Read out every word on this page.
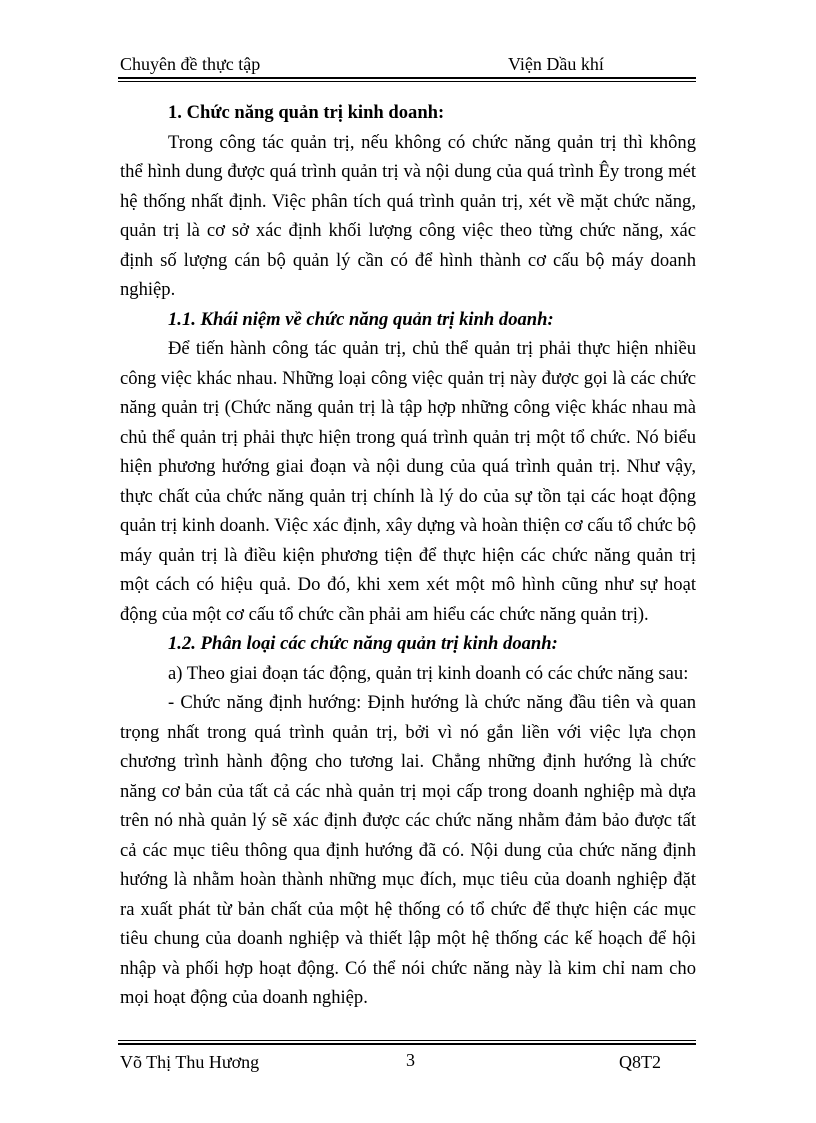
Chuyên đề thực tập	Viện Dầu khí

1. Chức năng quản trị kinh doanh:

Trong công tác quản trị, nếu không có chức năng quản trị thì không thể hình dung được quá trình quản trị và nội dung của quá trình Êy trong mét hệ thống nhất định. Việc phân tích quá trình quản trị, xét về mặt chức năng, quản trị là cơ sở xác định khối lượng công việc theo từng chức năng, xác định số lượng cán bộ quản lý cần có để hình thành cơ cấu bộ máy doanh nghiệp.

1.1. Khái niệm về chức năng quản trị kinh doanh:

Để tiến hành công tác quản trị, chủ thể quản trị phải thực hiện nhiều công việc khác nhau. Những loại công việc quản trị này được gọi là các chức năng quản trị (Chức năng quản trị là tập hợp những công việc khác nhau mà chủ thể quản trị phải thực hiện trong quá trình quản trị một tổ chức. Nó biểu hiện phương hướng giai đoạn và nội dung của quá trình quản trị. Như vậy, thực chất của chức năng quản trị chính là lý do của sự tồn tại các hoạt động quản trị kinh doanh. Việc xác định, xây dựng và hoàn thiện cơ cấu tổ chức bộ máy quản trị là điều kiện phương tiện để thực hiện các chức năng quản trị một cách có hiệu quả. Do đó, khi xem xét một mô hình cũng như sự hoạt động của một cơ cấu tổ chức cần phải am hiểu các chức năng quản trị).

1.2. Phân loại các chức năng quản trị kinh doanh:

a) Theo giai đoạn tác động, quản trị kinh doanh có các chức năng sau:

- Chức năng định hướng: Định hướng là chức năng đầu tiên và quan trọng nhất trong quá trình quản trị, bởi vì nó gắn liền với việc lựa chọn chương trình hành động cho tương lai. Chẳng những định hướng là chức năng cơ bản của tất cả các nhà quản trị mọi cấp trong doanh nghiệp mà dựa trên nó nhà quản lý sẽ xác định được các chức năng nhằm đảm bảo được tất cả các mục tiêu thông qua định hướng đã có. Nội dung của chức năng định hướng là nhằm hoàn thành những mục đích, mục tiêu của doanh nghiệp đặt ra xuất phát từ bản chất của một hệ thống có tổ chức để thực hiện các mục tiêu chung của doanh nghiệp và thiết lập một hệ thống các kế hoạch để hội nhập và phối hợp hoạt động. Có thể nói chức năng này là kim chỉ nam cho mọi hoạt động của doanh nghiệp.

Võ Thị Thu Hương	3	Q8T2
